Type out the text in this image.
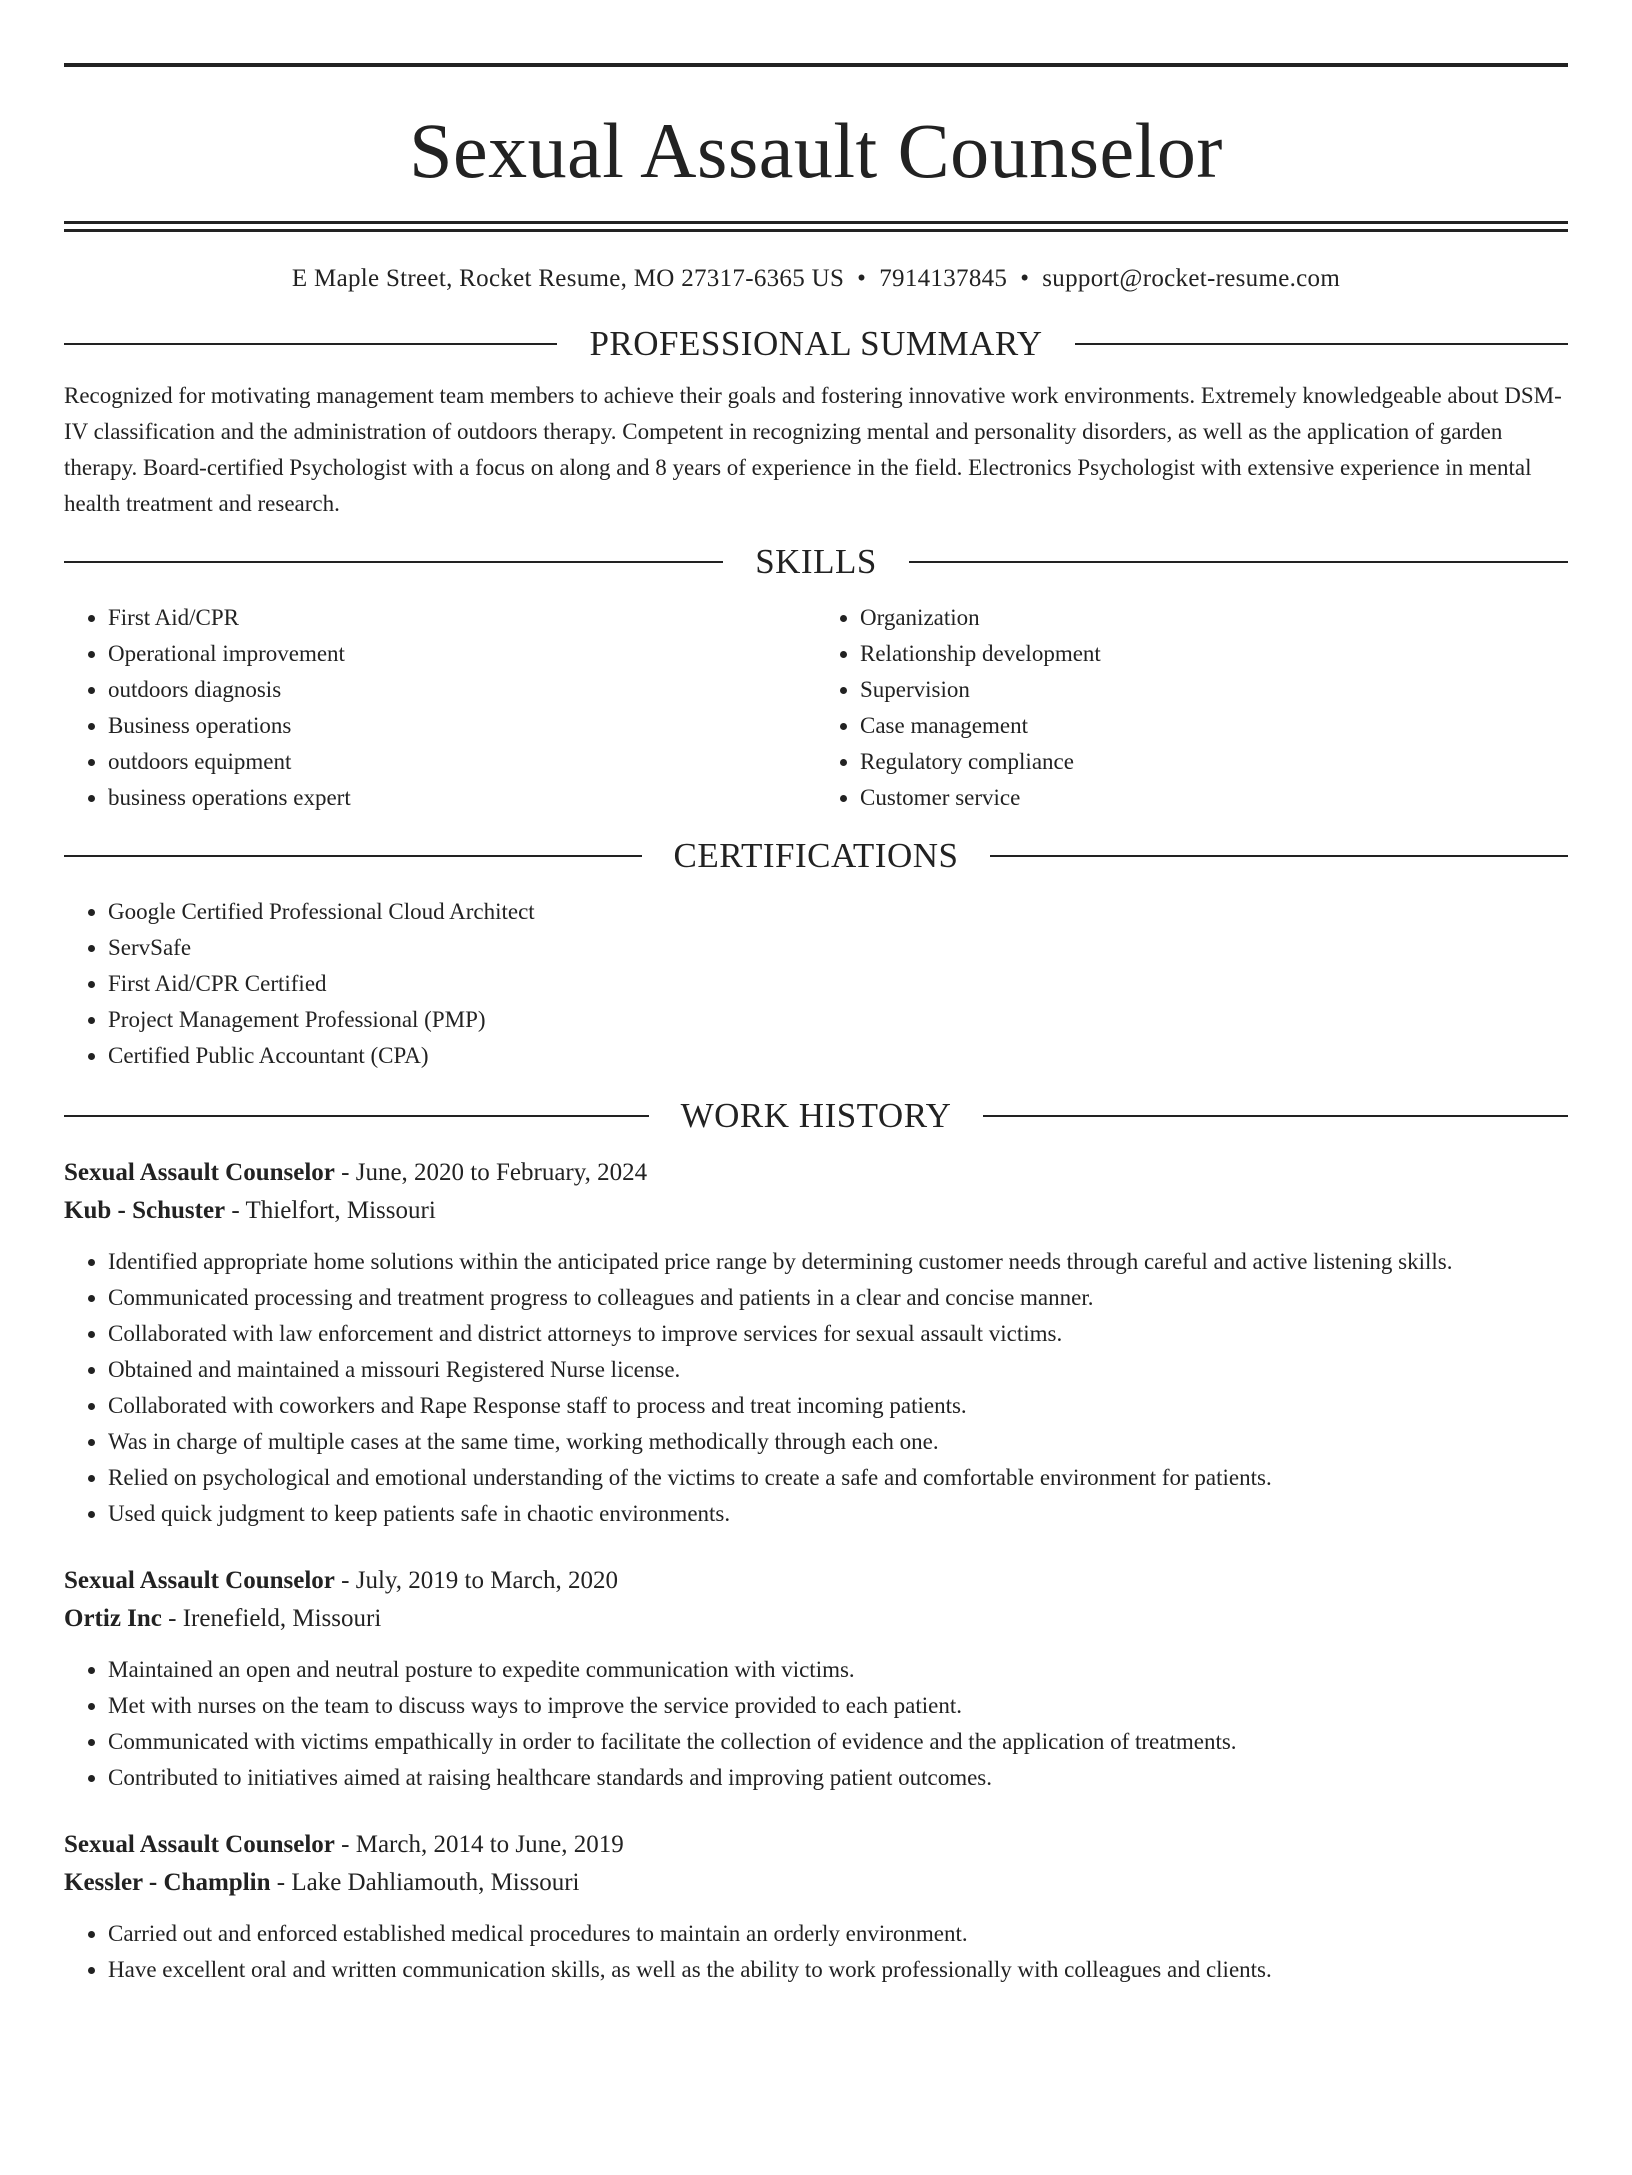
Sexual Assault Counselor
E Maple Street, Rocket Resume, MO 27317-6365 US • 7914137845 • support@rocket-resume.com
PROFESSIONAL SUMMARY

Recognized for motivating management team members to achieve their goals and fostering innovative work environments. Extremely knowledgeable about DSM-IV classification and the administration of outdoors therapy. Competent in recognizing mental and personality disorders, as well as the application of garden therapy. Board-certified Psychologist with a focus on along and 8 years of experience in the field. Electronics Psychologist with extensive experience in mental health treatment and research.

SKILLS
• First Aid/CPR
• Operational improvement
• outdoors diagnosis
• Business operations
• outdoors equipment
• business operations expert
• Organization
• Relationship development
• Supervision
• Case management
• Regulatory compliance
• Customer service
CERTIFICATIONS
• Google Certified Professional Cloud Architect
• ServSafe
• First Aid/CPR Certified
• Project Management Professional (PMP)
• Certified Public Accountant (CPA)
WORK HISTORY
Sexual Assault Counselor - June, 2020 to February, 2024
Kub - Schuster - Thielfort, Missouri
• Identified appropriate home solutions within the anticipated price range by determining customer needs through careful and active listening skills.
• Communicated processing and treatment progress to colleagues and patients in a clear and concise manner.
• Collaborated with law enforcement and district attorneys to improve services for sexual assault victims.
• Obtained and maintained a missouri Registered Nurse license.
• Collaborated with coworkers and Rape Response staff to process and treat incoming patients.
• Was in charge of multiple cases at the same time, working methodically through each one.
• Relied on psychological and emotional understanding of the victims to create a safe and comfortable environment for patients.
• Used quick judgment to keep patients safe in chaotic environments.
Sexual Assault Counselor - July, 2019 to March, 2020
Ortiz Inc - Irenefield, Missouri
• Maintained an open and neutral posture to expedite communication with victims.
• Met with nurses on the team to discuss ways to improve the service provided to each patient.
• Communicated with victims empathically in order to facilitate the collection of evidence and the application of treatments.
• Contributed to initiatives aimed at raising healthcare standards and improving patient outcomes.
Sexual Assault Counselor - March, 2014 to June, 2019
Kessler - Champlin - Lake Dahliamouth, Missouri
• Carried out and enforced established medical procedures to maintain an orderly environment.
• Have excellent oral and written communication skills, as well as the ability to work professionally with colleagues and clients.
